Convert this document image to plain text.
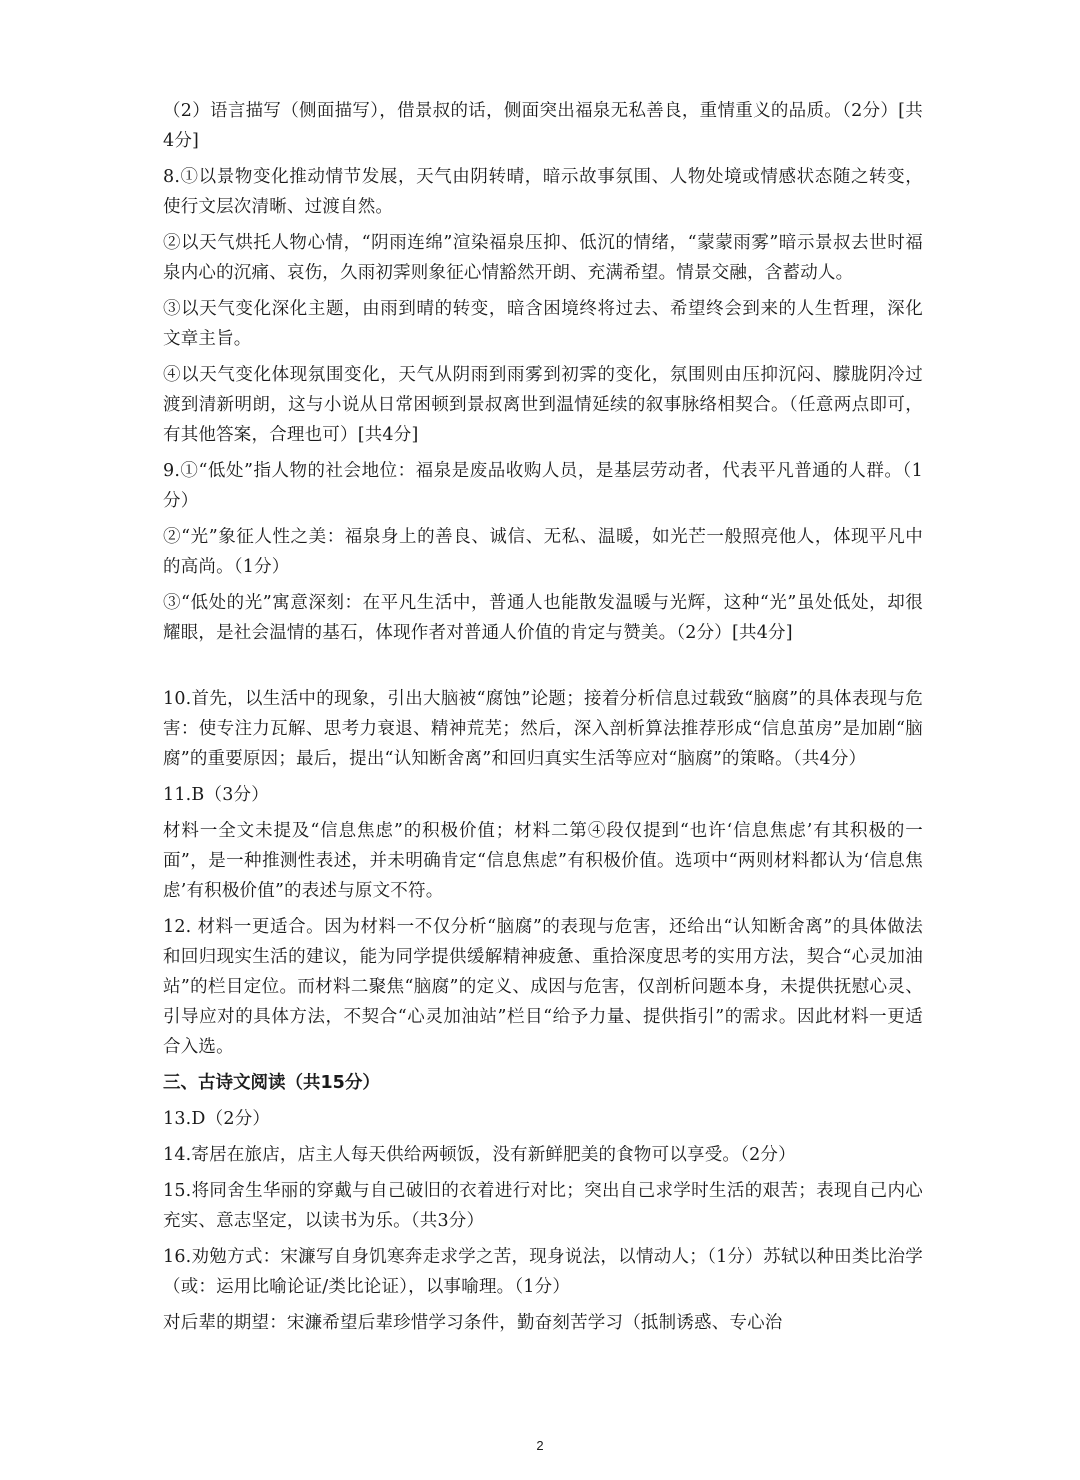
（2）语言描写（侧面描写），借景叔的话，侧面突出福泉无私善良，重情重义的品质。（2分）[共4分]

8.①以景物变化推动情节发展，天气由阴转晴，暗示故事氛围、人物处境或情感状态随之转变，使行文层次清晰、过渡自然。

②以天气烘托人物心情，“阴雨连绵”渲染福泉压抑、低沉的情绪，“蒙蒙雨雾”暗示景叔去世时福泉内心的沉痛、哀伤，久雨初霁则象征心情豁然开朗、充满希望。情景交融，含蓄动人。

③以天气变化深化主题，由雨到晴的转变，暗含困境终将过去、希望终会到来的人生哲理，深化文章主旨。

④以天气变化体现氛围变化，天气从阴雨到雨雾到初霁的变化，氛围则由压抑沉闷、朦胧阴冷过渡到清新明朗，这与小说从日常困顿到景叔离世到温情延续的叙事脉络相契合。（任意两点即可，有其他答案，合理也可）[共4分]

9.①“低处”指人物的社会地位：福泉是废品收购人员，是基层劳动者，代表平凡普通的人群。（1分）

②“光”象征人性之美：福泉身上的善良、诚信、无私、温暖，如光芒一般照亮他人，体现平凡中的高尚。（1分）

③“低处的光”寓意深刻：在平凡生活中，普通人也能散发温暖与光辉，这种“光”虽处低处，却很耀眼，是社会温情的基石，体现作者对普通人价值的肯定与赞美。（2分）[共4分]

10.首先，以生活中的现象，引出大脑被“腐蚀”论题；接着分析信息过载致“脑腐”的具体表现与危害：使专注力瓦解、思考力衰退、精神荒芜；然后，深入剖析算法推荐形成“信息茧房”是加剧“脑腐”的重要原因；最后，提出“认知断舍离”和回归真实生活等应对“脑腐”的策略。（共4分）

11.B（3分）

材料一全文未提及“信息焦虑”的积极价值；材料二第④段仅提到“也许‘信息焦虑’有其积极的一面”，是一种推测性表述，并未明确肯定“信息焦虑”有积极价值。选项中“两则材料都认为‘信息焦虑’有积极价值”的表述与原文不符。

12. 材料一更适合。因为材料一不仅分析“脑腐”的表现与危害，还给出“认知断舍离”的具体做法和回归现实生活的建议，能为同学提供缓解精神疲惫、重拾深度思考的实用方法，契合“心灵加油站”的栏目定位。而材料二聚焦“脑腐”的定义、成因与危害，仅剖析问题本身，未提供抚慰心灵、引导应对的具体方法，不契合“心灵加油站”栏目“给予力量、提供指引”的需求。因此材料一更适合入选。

三、古诗文阅读（共15分）

13.D（2分）

14.寄居在旅店，店主人每天供给两顿饭，没有新鲜肥美的食物可以享受。（2分）

15.将同舍生华丽的穿戴与自己破旧的衣着进行对比；突出自己求学时生活的艰苦；表现自己内心充实、意志坚定，以读书为乐。（共3分）

16.劝勉方式：宋濂写自身饥寒奔走求学之苦，现身说法，以情动人；（1分）苏轼以种田类比治学（或：运用比喻论证/类比论证），以事喻理。（1分）

对后辈的期望：宋濂希望后辈珍惜学习条件，勤奋刻苦学习（抵制诱惑、专心治

2
